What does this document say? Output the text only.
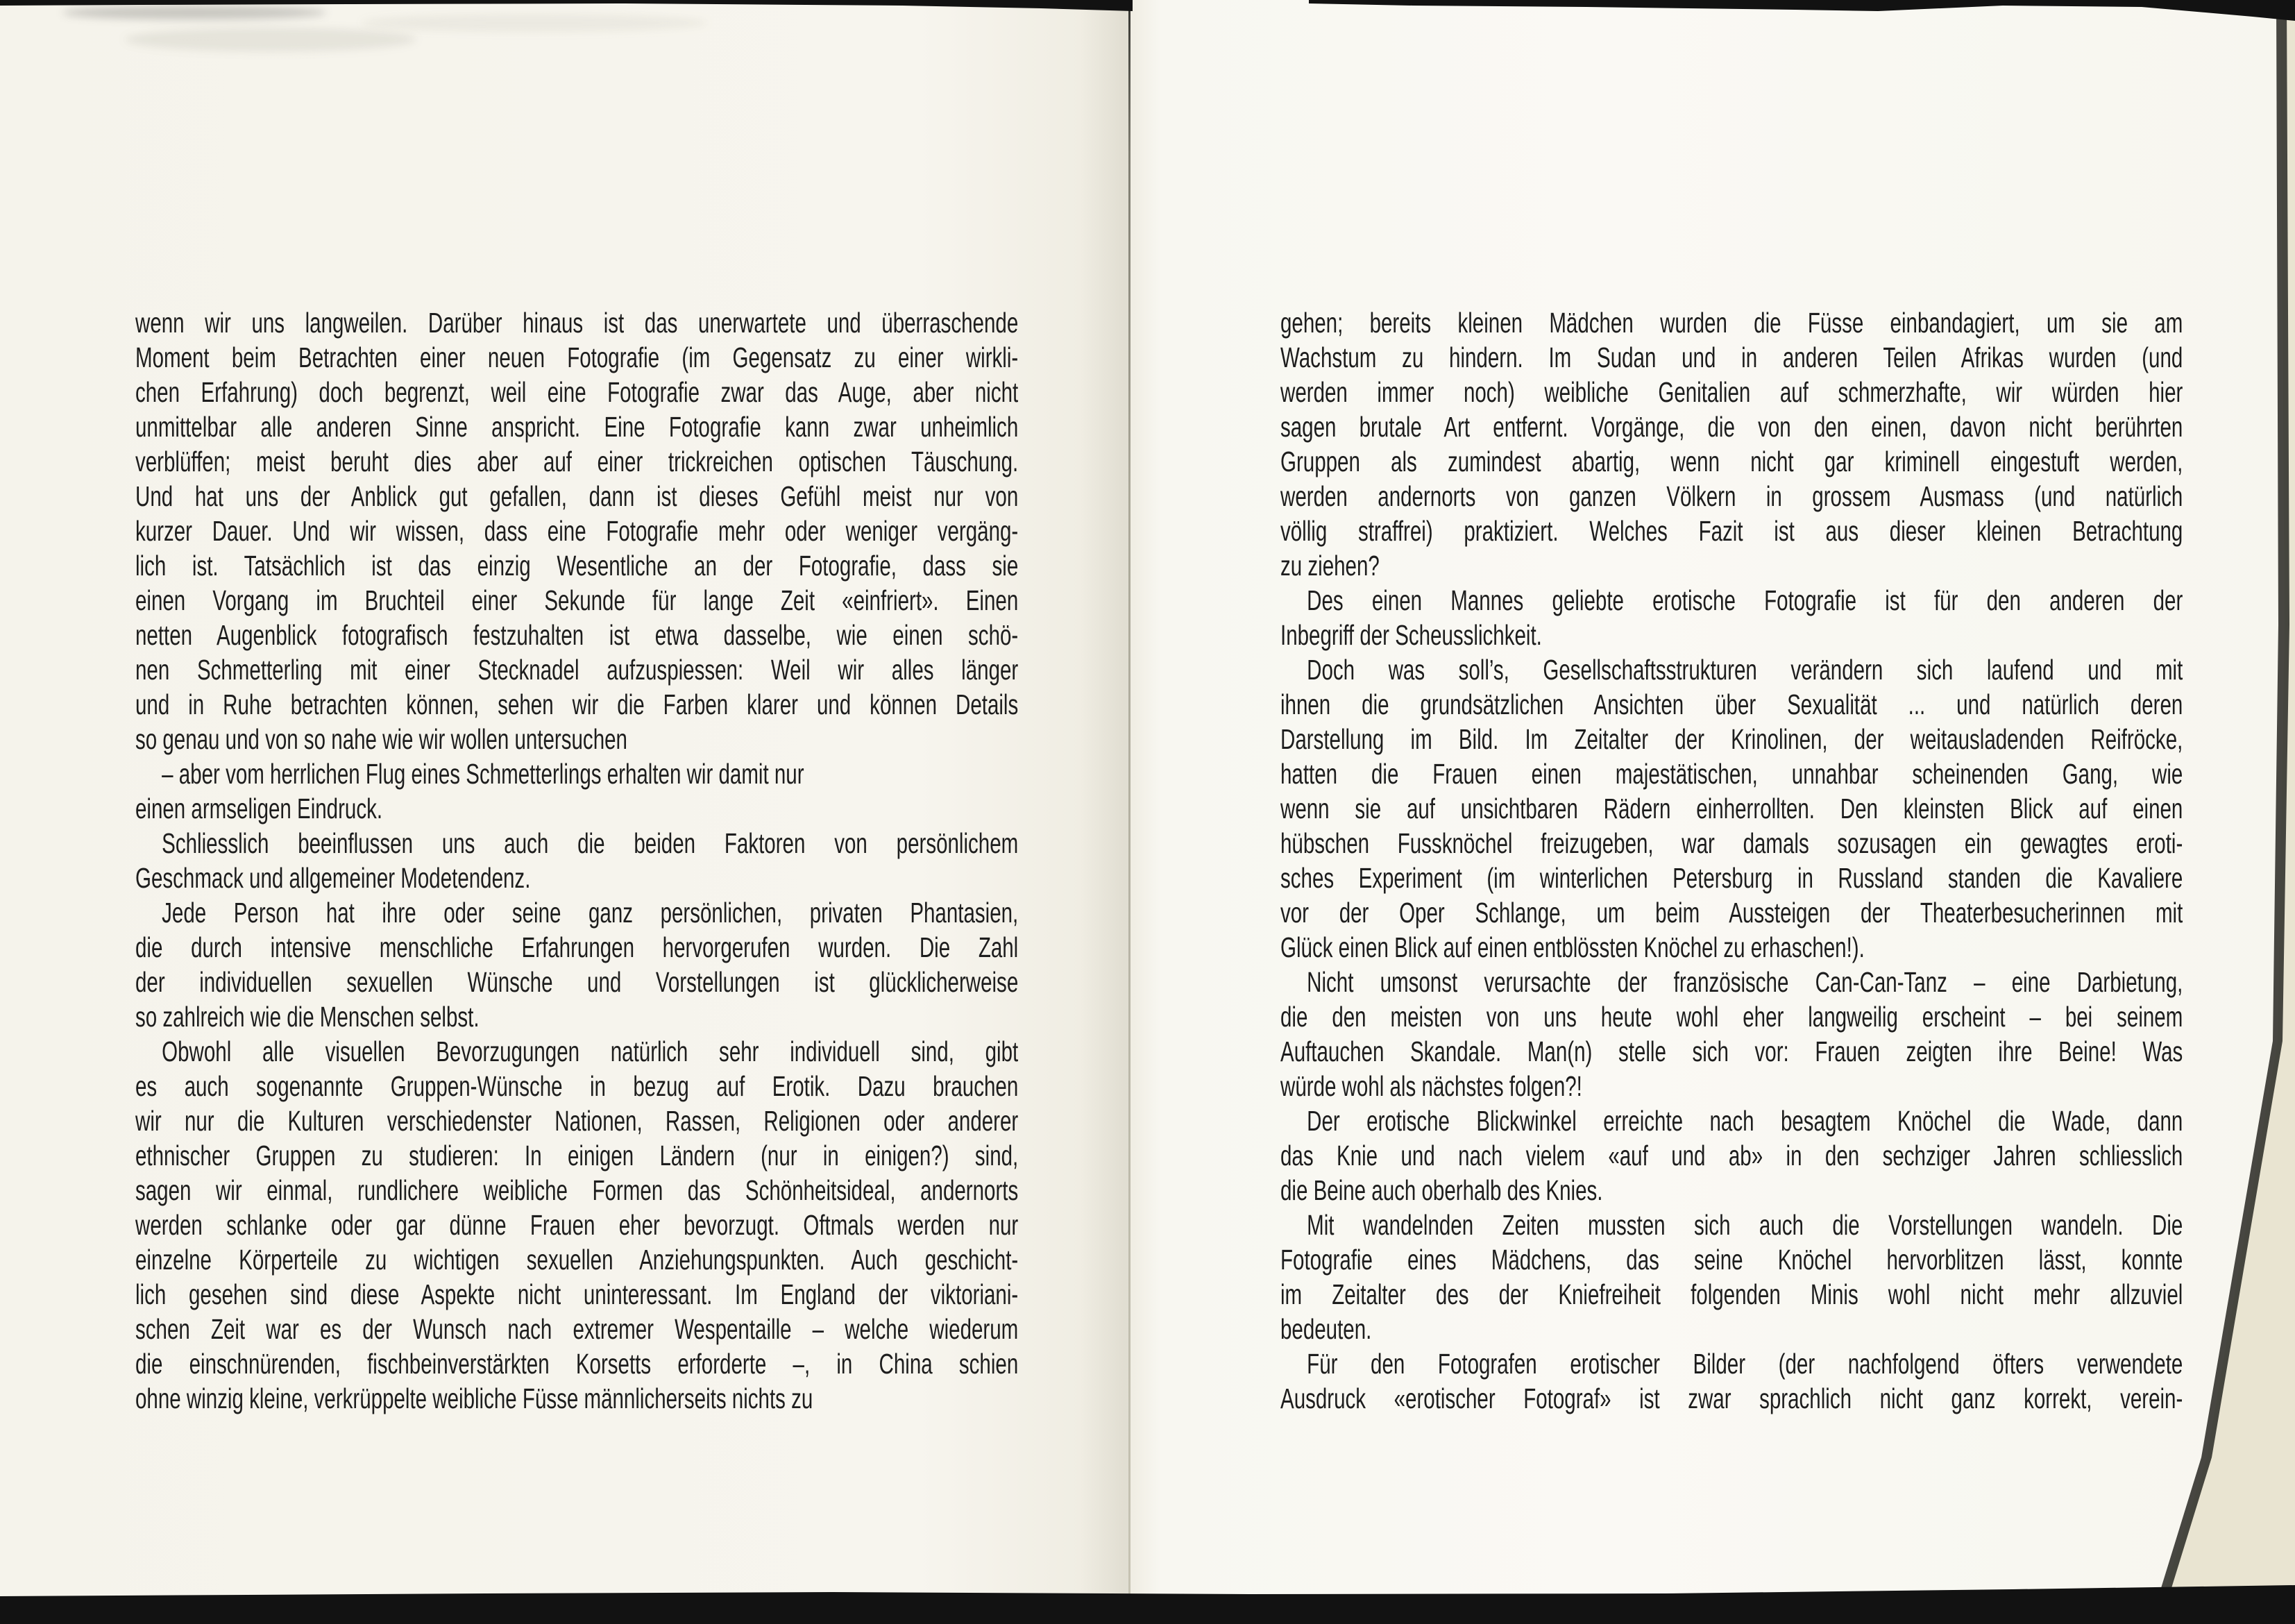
wenn wir uns langweilen. Darüber hinaus ist das unerwartete und überraschende
Moment beim Betrachten einer neuen Fotografie (im Gegensatz zu einer wirkli-
chen Erfahrung) doch begrenzt, weil eine Fotografie zwar das Auge, aber nicht
unmittelbar alle anderen Sinne anspricht. Eine Fotografie kann zwar unheimlich
verblüffen; meist beruht dies aber auf einer trickreichen optischen Täuschung.
Und hat uns der Anblick gut gefallen, dann ist dieses Gefühl meist nur von
kurzer Dauer. Und wir wissen, dass eine Fotografie mehr oder weniger vergäng-
lich ist. Tatsächlich ist das einzig Wesentliche an der Fotografie, dass sie
einen Vorgang im Bruchteil einer Sekunde für lange Zeit «einfriert». Einen
netten Augenblick fotografisch festzuhalten ist etwa dasselbe, wie einen schö-
nen Schmetterling mit einer Stecknadel aufzuspiessen: Weil wir alles länger
und in Ruhe betrachten können, sehen wir die Farben klarer und können Details
so genau und von so nahe wie wir wollen untersuchen
– aber vom herrlichen Flug eines Schmetterlings erhalten wir damit nur
einen armseligen Eindruck.
Schliesslich beeinflussen uns auch die beiden Faktoren von persönlichem
Geschmack und allgemeiner Modetendenz.
Jede Person hat ihre oder seine ganz persönlichen, privaten Phantasien,
die durch intensive menschliche Erfahrungen hervorgerufen wurden. Die Zahl
der individuellen sexuellen Wünsche und Vorstellungen ist glücklicherweise
so zahlreich wie die Menschen selbst.
Obwohl alle visuellen Bevorzugungen natürlich sehr individuell sind, gibt
es auch sogenannte Gruppen-Wünsche in bezug auf Erotik. Dazu brauchen
wir nur die Kulturen verschiedenster Nationen, Rassen, Religionen oder anderer
ethnischer Gruppen zu studieren: In einigen Ländern (nur in einigen?) sind,
sagen wir einmal, rundlichere weibliche Formen das Schönheitsideal, andernorts
werden schlanke oder gar dünne Frauen eher bevorzugt. Oftmals werden nur
einzelne Körperteile zu wichtigen sexuellen Anziehungspunkten. Auch geschicht-
lich gesehen sind diese Aspekte nicht uninteressant. Im England der viktoriani-
schen Zeit war es der Wunsch nach extremer Wespentaille – welche wiederum
die einschnürenden, fischbeinverstärkten Korsetts erforderte –, in China schien
ohne winzig kleine, verkrüppelte weibliche Füsse männlicherseits nichts zu
gehen; bereits kleinen Mädchen wurden die Füsse einbandagiert, um sie am
Wachstum zu hindern. Im Sudan und in anderen Teilen Afrikas wurden (und
werden immer noch) weibliche Genitalien auf schmerzhafte, wir würden hier
sagen brutale Art entfernt. Vorgänge, die von den einen, davon nicht berührten
Gruppen als zumindest abartig, wenn nicht gar kriminell eingestuft werden,
werden andernorts von ganzen Völkern in grossem Ausmass (und natürlich
völlig straffrei) praktiziert. Welches Fazit ist aus dieser kleinen Betrachtung
zu ziehen?
Des einen Mannes geliebte erotische Fotografie ist für den anderen der
Inbegriff der Scheusslichkeit.
Doch was soll’s, Gesellschaftsstrukturen verändern sich laufend und mit
ihnen die grundsätzlichen Ansichten über Sexualität ... und natürlich deren
Darstellung im Bild. Im Zeitalter der Krinolinen, der weitausladenden Reifröcke,
hatten die Frauen einen majestätischen, unnahbar scheinenden Gang, wie
wenn sie auf unsichtbaren Rädern einherrollten. Den kleinsten Blick auf einen
hübschen Fussknöchel freizugeben, war damals sozusagen ein gewagtes eroti-
sches Experiment (im winterlichen Petersburg in Russland standen die Kavaliere
vor der Oper Schlange, um beim Aussteigen der Theaterbesucherinnen mit
Glück einen Blick auf einen entblössten Knöchel zu erhaschen!).
Nicht umsonst verursachte der französische Can-Can-Tanz – eine Darbietung,
die den meisten von uns heute wohl eher langweilig erscheint – bei seinem
Auftauchen Skandale. Man(n) stelle sich vor: Frauen zeigten ihre Beine! Was
würde wohl als nächstes folgen?!
Der erotische Blickwinkel erreichte nach besagtem Knöchel die Wade, dann
das Knie und nach vielem «auf und ab» in den sechziger Jahren schliesslich
die Beine auch oberhalb des Knies.
Mit wandelnden Zeiten mussten sich auch die Vorstellungen wandeln. Die
Fotografie eines Mädchens, das seine Knöchel hervorblitzen lässt, konnte
im Zeitalter des der Kniefreiheit folgenden Minis wohl nicht mehr allzuviel
bedeuten.
Für den Fotografen erotischer Bilder (der nachfolgend öfters verwendete
Ausdruck «erotischer Fotograf» ist zwar sprachlich nicht ganz korrekt, verein-
